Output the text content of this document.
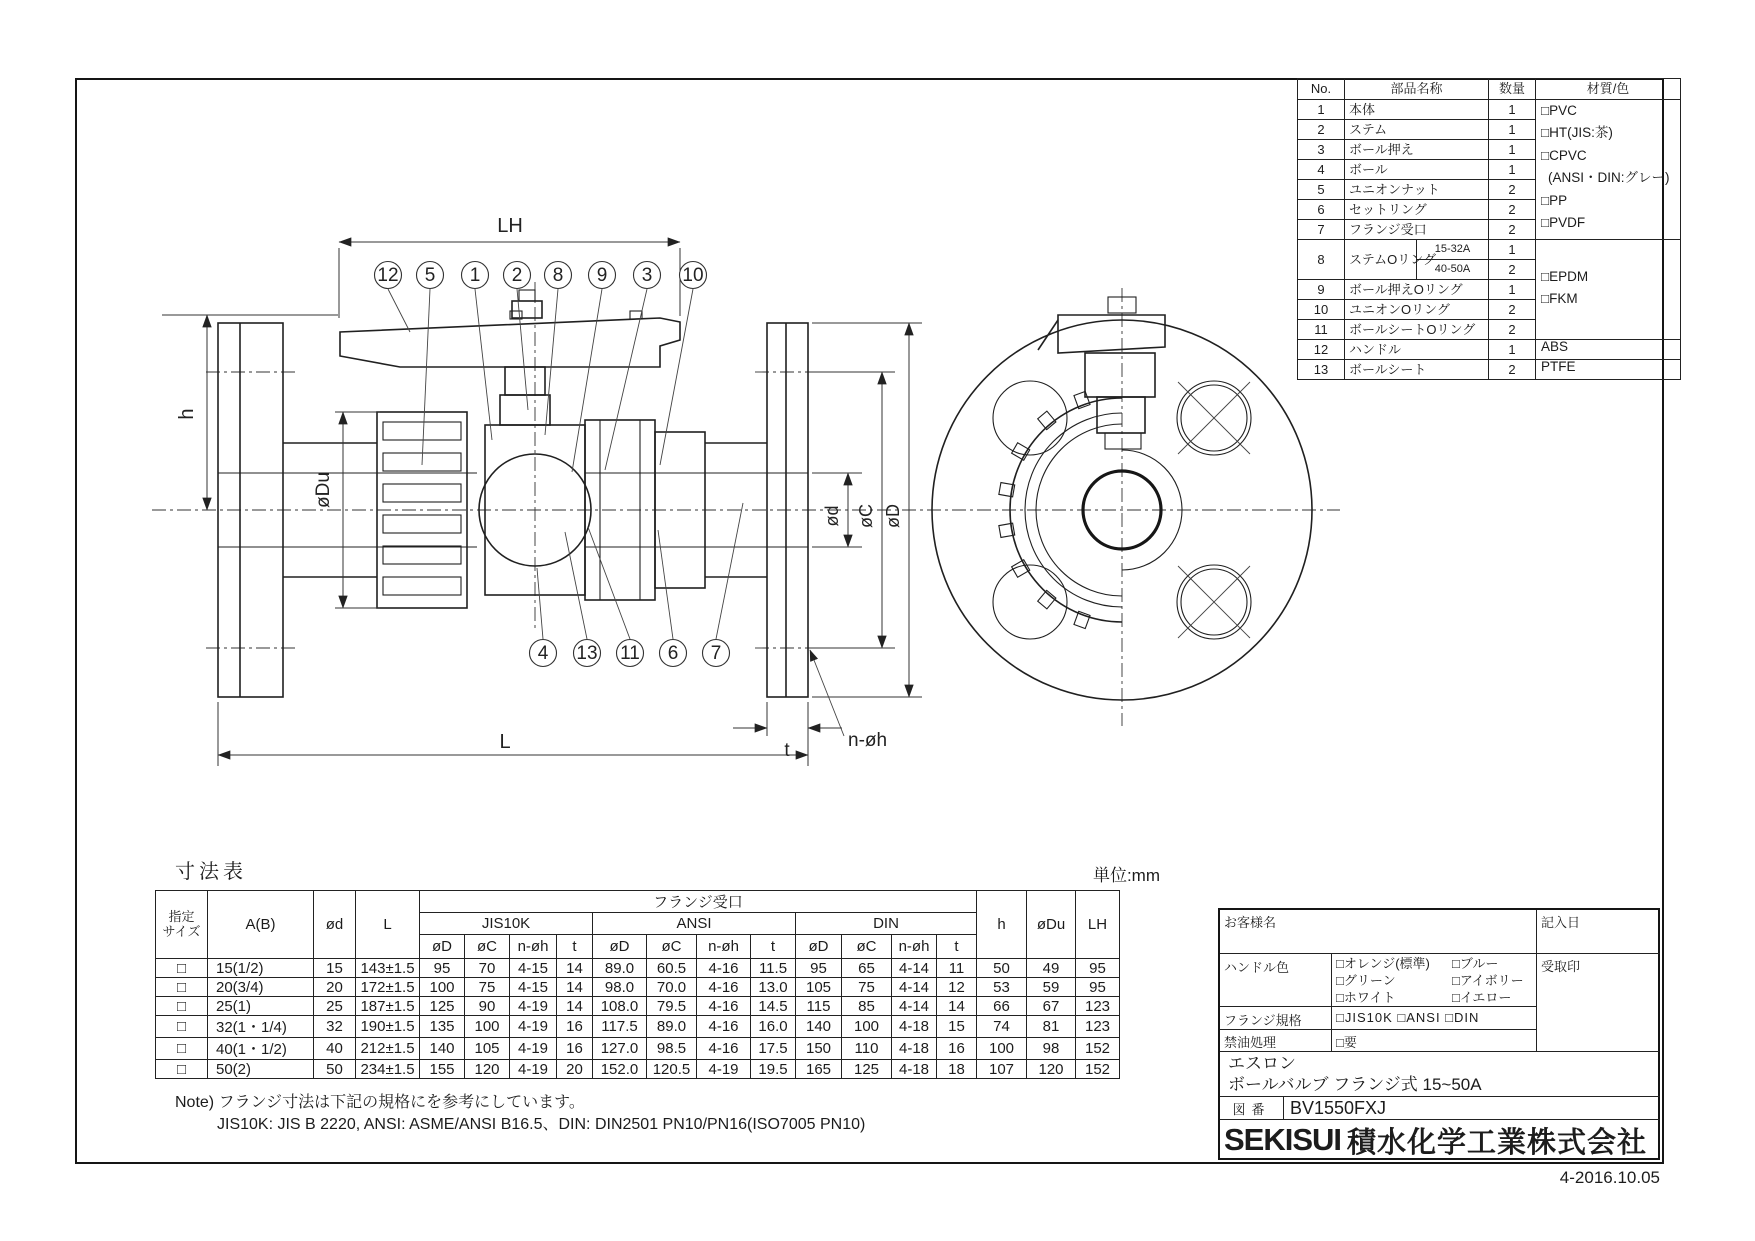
LH
h
øDu
L	t	n-øh
ød øC øD
12 5 1 2 8 9 3 10
4 13 11 6 7
No.	部品名称		数量	材質/色
1	本体	1	□PVC
□HT(JIS:茶)
□CPVC
(ANSI・DIN:グレー)
□PP
□PVDF

2	ステム		1	
3	ボール押え		1	
4	ボール		1	
5	ユニオンナット		2	
6	セットリング		2	
7	フランジ受口		2	
8	ステムOリング	15-32A	1	□EPDM
□FKM

		40-50A	2	
9	ボール押えOリング		1	
10	ユニオンOリング		2	
11	ボールシートOリング		2	
12	ハンドル		1	ABS
13	ボールシート		2	PTFE
寸法表	単位:mm
指定
サイズ	A(B)	ød	L	フランジ受口												h	øDu	LH
				JIS10K				ANSI				DIN						
				øD	øC	n-øh	t	øD	øC	n-øh	t	øD	øC	n-øh	t			
□	15(1/2)	15	143±1.5	95	70	4-15	14	89.0	60.5	4-16	11.5	95	65	4-14	11	50	49	95
□	20(3/4)	20	172±1.5	100	75	4-15	14	98.0	70.0	4-16	13.0	105	75	4-14	12	53	59	95
□	25(1)	25	187±1.5	125	90	4-19	14	108.0	79.5	4-16	14.5	115	85	4-14	14	66	67	123
□	32(1・1/4)	32	190±1.5	135	100	4-19	16	117.5	89.0	4-16	16.0	140	100	4-18	15	74	81	123
□	40(1・1/2)	40	212±1.5	140	105	4-19	16	127.0	98.5	4-16	17.5	150	110	4-18	16	100	98	152
□	50(2)	50	234±1.5	155	120	4-19	20	152.0	120.5	4-19	19.5	165	125	4-18	18	107	120	152
Note) フランジ寸法は下記の規格にを参考にしています。
JIS10K: JIS B 2220, ANSI: ASME/ANSI B16.5、DIN: DIN2501 PN10/PN16(ISO7005 PN10)
お客様名	記入日
ハンドル色	□オレンジ(標準)
□グリーン
□ホワイト
□ブルー
□アイボリー
□イエロー
受取印
フランジ規格	□JIS10K □ANSI □DIN
禁油処理	□要
エスロン
ボールバルブ フランジ式 15~50A
図番	BV1550FXJ
SEKISUI 積水化学工業株式会社
4-2016.10.05
